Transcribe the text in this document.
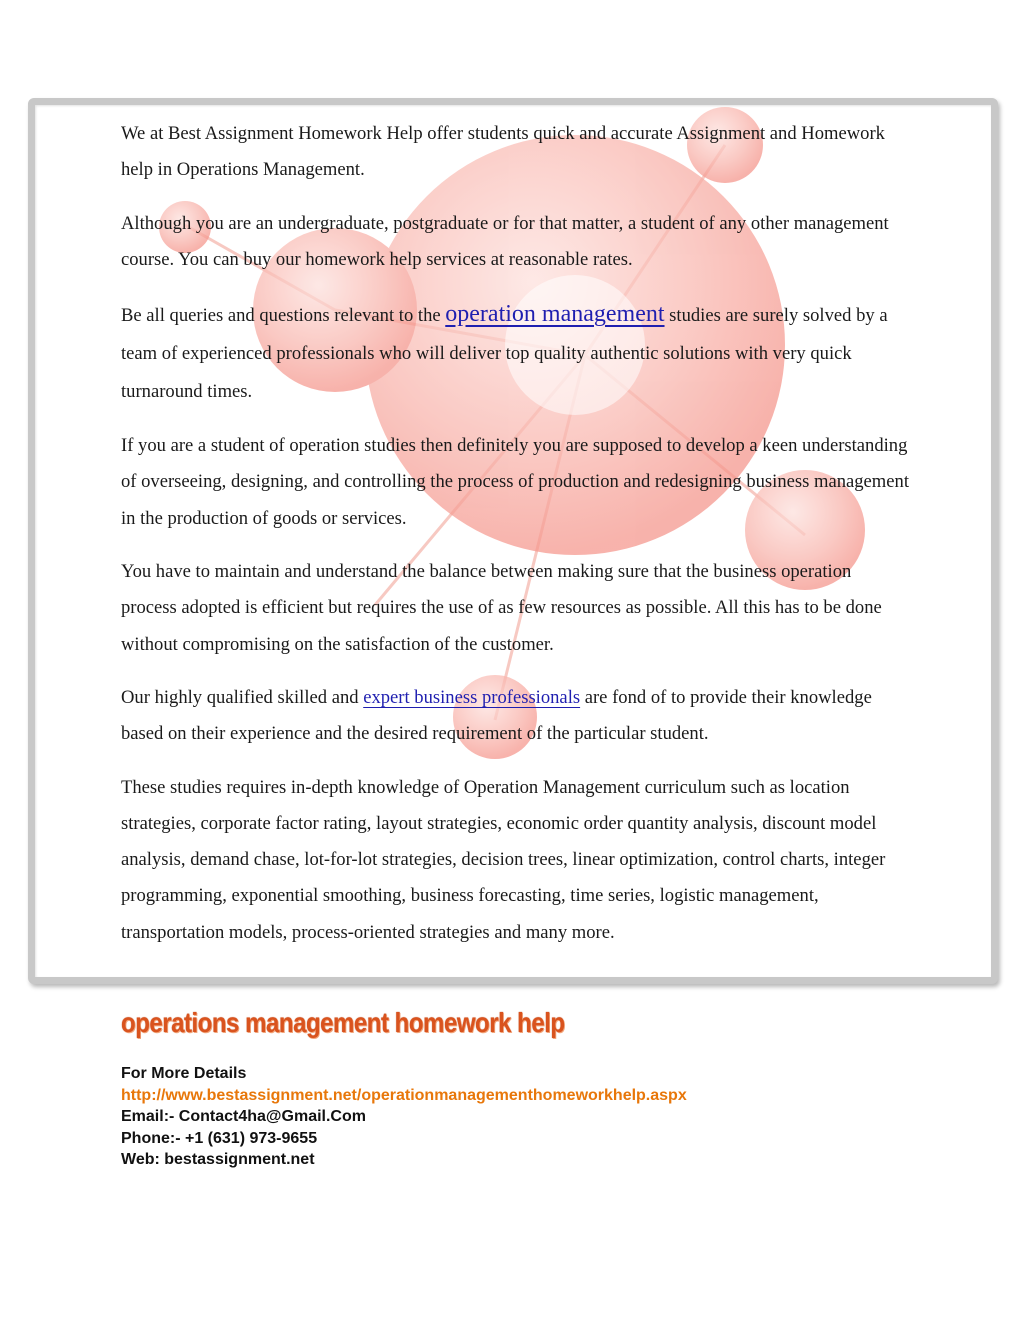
We at Best Assignment Homework Help offer students quick and accurate Assignment and Homework help in Operations Management.

Although you are an undergraduate, postgraduate or for that matter, a student of any other management course. You can buy our homework help services at reasonable rates.

Be all queries and questions relevant to the operation management studies are surely solved by a team of experienced professionals who will deliver top quality authentic solutions with very quick turnaround times.

If you are a student of operation studies then definitely you are supposed to develop a keen understanding of overseeing, designing, and controlling the process of production and redesigning business management in the production of goods or services.

You have to maintain and understand the balance between making sure that the business operation process adopted is efficient but requires the use of as few resources as possible. All this has to be done without compromising on the satisfaction of the customer.

Our highly qualified skilled and expert business professionals are fond of to provide their knowledge based on their experience and the desired requirement of the particular student.

These studies requires in-depth knowledge of Operation Management curriculum such as location strategies, corporate factor rating, layout strategies, economic order quantity analysis, discount model analysis, demand chase, lot-for-lot strategies, decision trees, linear optimization, control charts, integer programming, exponential smoothing, business forecasting, time series, logistic management, transportation models, process-oriented strategies and many more.

operations management homework help
For More Details
http://www.bestassignment.net/operationmanagementhomeworkhelp.aspx
Email:- Contact4ha@Gmail.Com
Phone:- +1 (631) 973-9655
Web: bestassignment.net
